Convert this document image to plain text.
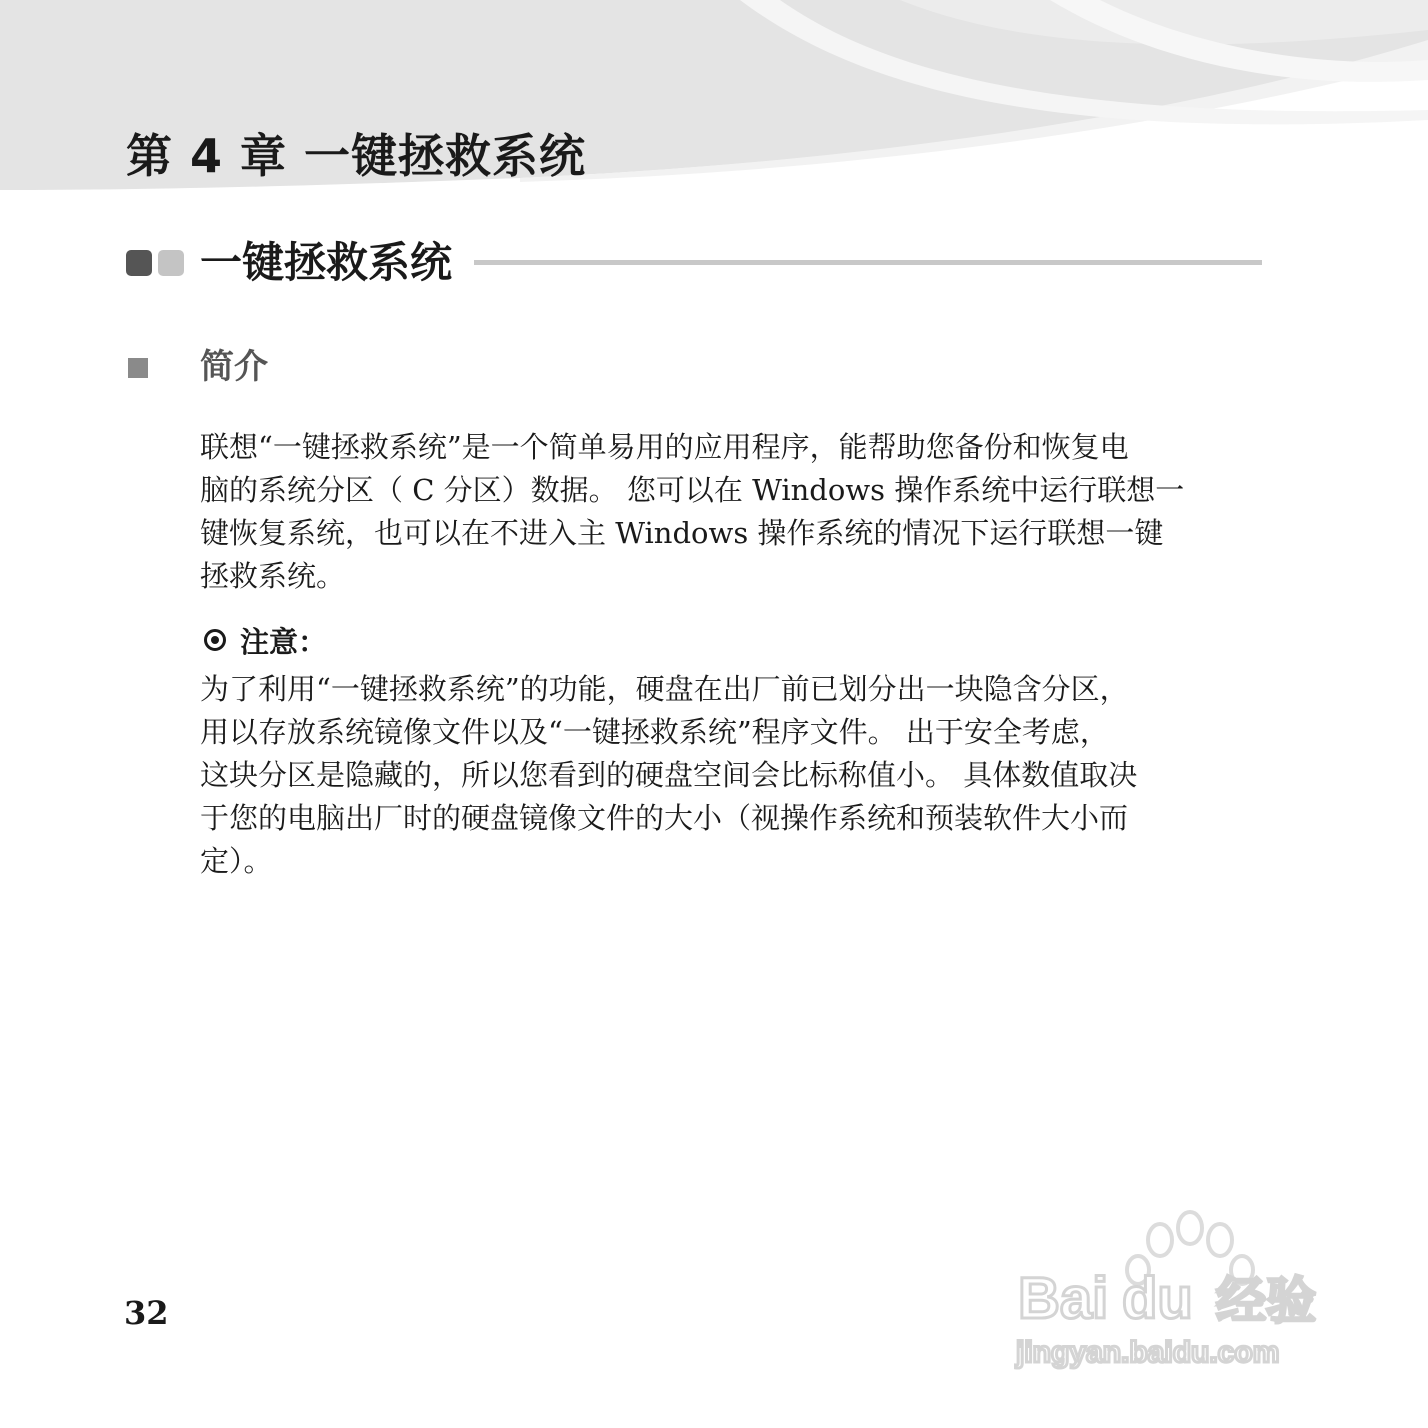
第 4 章 一键拯救系统
一键拯救系统
简介

联想“一键拯救系统”是一个简单易用的应用程序，能帮助您备份和恢复电
脑的系统分区（ C 分区）数据。 您可以在 Windows 操作系统中运行联想一
键恢复系统，也可以在不进入主 Windows 操作系统的情况下运行联想一键
拯救系统。

注意：

为了利用“一键拯救系统”的功能，硬盘在出厂前已划分出一块隐含分区，
用以存放系统镜像文件以及“一键拯救系统”程序文件。 出于安全考虑，
这块分区是隐藏的，所以您看到的硬盘空间会比标称值小。 具体数值取决
于您的电脑出厂时的硬盘镜像文件的大小（视操作系统和预装软件大小而
定）。

32	Bai du 经验
jingyan.baidu.com
